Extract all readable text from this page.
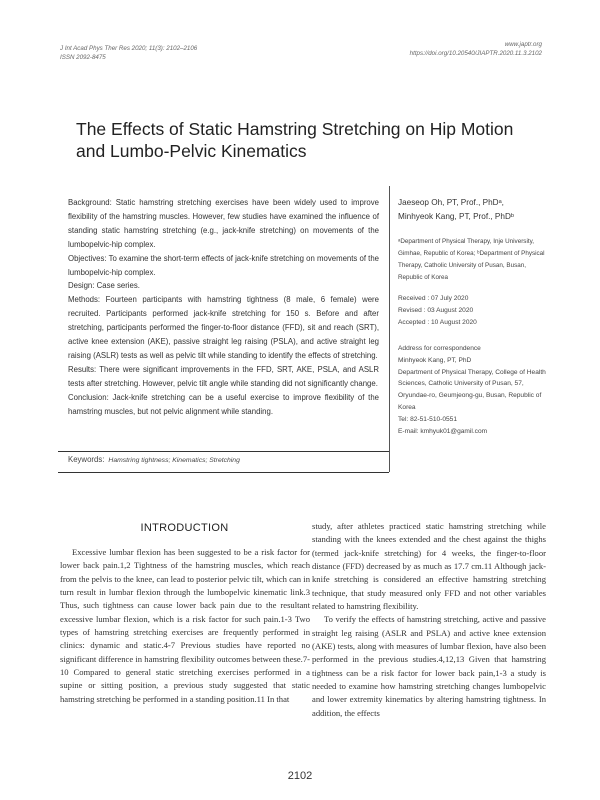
J Int Acad Phys Ther Res 2020; 11(3): 2102–2106
ISSN 2092-8475
www.japtr.org
https://doi.org/10.20540/JIAPTR.2020.11.3.2102
The Effects of Static Hamstring Stretching on Hip Motion and Lumbo-Pelvic Kinematics

Background: Static hamstring stretching exercises have been widely used to improve flexibility of the hamstring muscles. However, few studies have examined the influence of standing static hamstring stretching (e.g., jack-knife stretching) on movements of the lumbopelvic-hip complex.

Objectives: To examine the short-term effects of jack-knife stretching on movements of the lumbopelvic-hip complex.

Design: Case series.

Methods: Fourteen participants with hamstring tightness (8 male, 6 female) were recruited. Participants performed jack-knife stretching for 150 s. Before and after stretching, participants performed the finger-to-floor distance (FFD), sit and reach (SRT), active knee extension (AKE), passive straight leg raising (PSLA), and active straight leg raising (ASLR) tests as well as pelvic tilt while standing to identify the effects of stretching.

Results: There were significant improvements in the FFD, SRT, AKE, PSLA, and ASLR tests after stretching. However, pelvic tilt angle while standing did not significantly change.

Conclusion: Jack-knife stretching can be a useful exercise to improve flexibility of the hamstring muscles, but not pelvic alignment while standing.

Jaeseop Oh, PT, Prof., PhDᵃ,
Minhyeok Kang, PT, Prof., PhDᵇ
ᵃDepartment of Physical Therapy, Inje University, Gimhae, Republic of Korea; ᵇDepartment of Physical Therapy, Catholic University of Pusan, Busan, Republic of Korea
Received : 07 July 2020
Revised : 03 August 2020
Accepted : 10 August 2020
Address for correspondence
Minhyeok Kang, PT, PhD
Department of Physical Therapy, College of Health Sciences, Catholic University of Pusan, 57, Oryundae-ro, Geumjeong-gu, Busan, Republic of Korea
Tel: 82-51-510-0551
E-mail: kmhyuk01@gamil.com
Keywords: Hamstring tightness; Kinematics; Stretching
INTRODUCTION

Excessive lumbar flexion has been suggested to be a risk factor for lower back pain.1,2 Tightness of the hamstring muscles, which reach from the pelvis to the knee, can lead to posterior pelvic tilt, which can in turn result in lumbar flexion through the lumbopelvic kinematic link.3 Thus, such tightness can cause lower back pain due to the resultant excessive lumbar flexion, which is a risk factor for such pain.1-3 Two types of hamstring stretching exercises are frequently performed in clinics: dynamic and static.4-7 Previous studies have reported no significant difference in hamstring flexibility outcomes between these.7-10 Compared to general static stretching exercises performed in a supine or sitting position, a previous study suggested that static hamstring stretching be performed in a standing position.11 In that

study, after athletes practiced static hamstring stretching while standing with the knees extended and the chest against the thighs (termed jack-knife stretching) for 4 weeks, the finger-to-floor distance (FFD) decreased by as much as 17.7 cm.11 Although jack-knife stretching is considered an effective hamstring stretching technique, that study measured only FFD and not other variables related to hamstring flexibility.

To verify the effects of hamstring stretching, active and passive straight leg raising (ASLR and PSLA) and active knee extension (AKE) tests, along with measures of lumbar flexion, have also been performed in the previous studies.4,12,13 Given that hamstring tightness can be a risk factor for lower back pain,1-3 a study is needed to examine how hamstring stretching changes lumbopelvic and lower extremity kinematics by altering hamstring tightness. In addition, the effects

2102
